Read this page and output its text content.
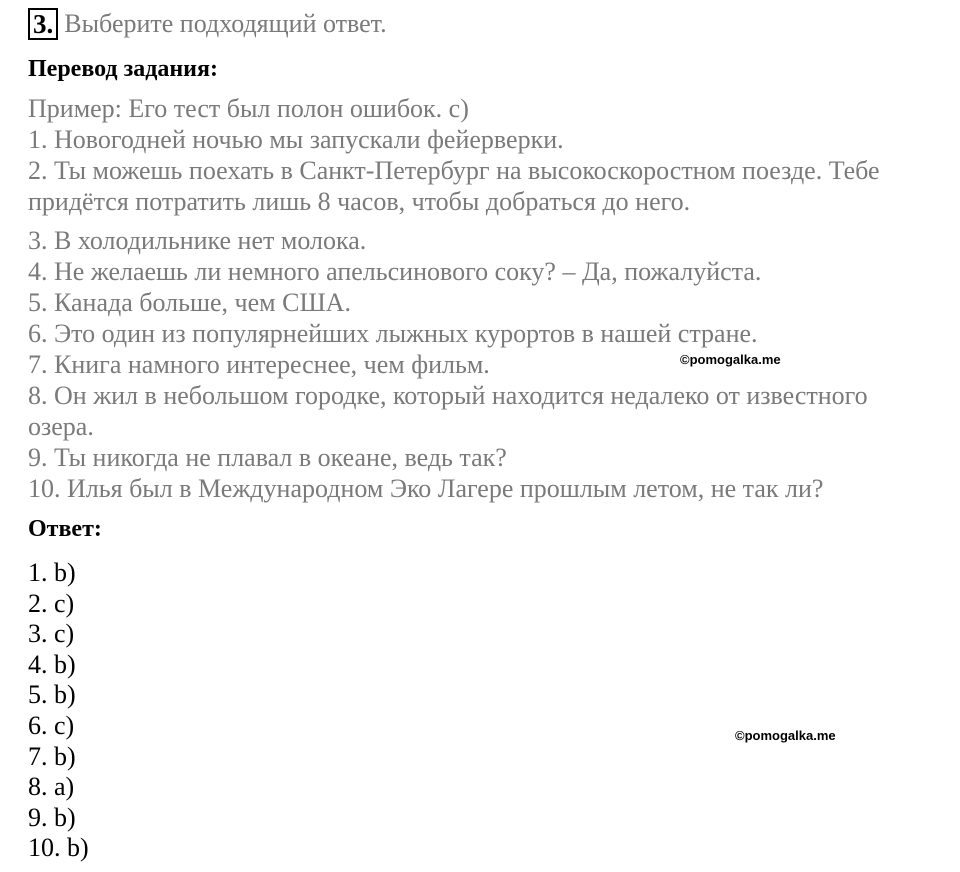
3. Выберите подходящий ответ.
Перевод задания:
Пример: Его тест был полон ошибок. с)
1. Новогодней ночью мы запускали фейерверки.
2. Ты можешь поехать в Санкт-Петербург на высокоскоростном поезде. Тебе придётся потратить лишь 8 часов, чтобы добраться до него.
3. В холодильнике нет молока.
4. Не желаешь ли немного апельсинового соку? – Да, пожалуйста.
5. Канада больше, чем США.
6. Это один из популярнейших лыжных курортов в нашей стране.
7. Книга намного интереснее, чем фильм.
8. Он жил в небольшом городке, который находится недалеко от известного озера.
9. Ты никогда не плавал в океане, ведь так?
10. Илья был в Международном Эко Лагере прошлым летом, не так ли?
Ответ:
1. b)
2. c)
3. c)
4. b)
5. b)
6. c)
7. b)
8. a)
9. b)
10. b)
©pomogalka.me
©pomogalka.me
